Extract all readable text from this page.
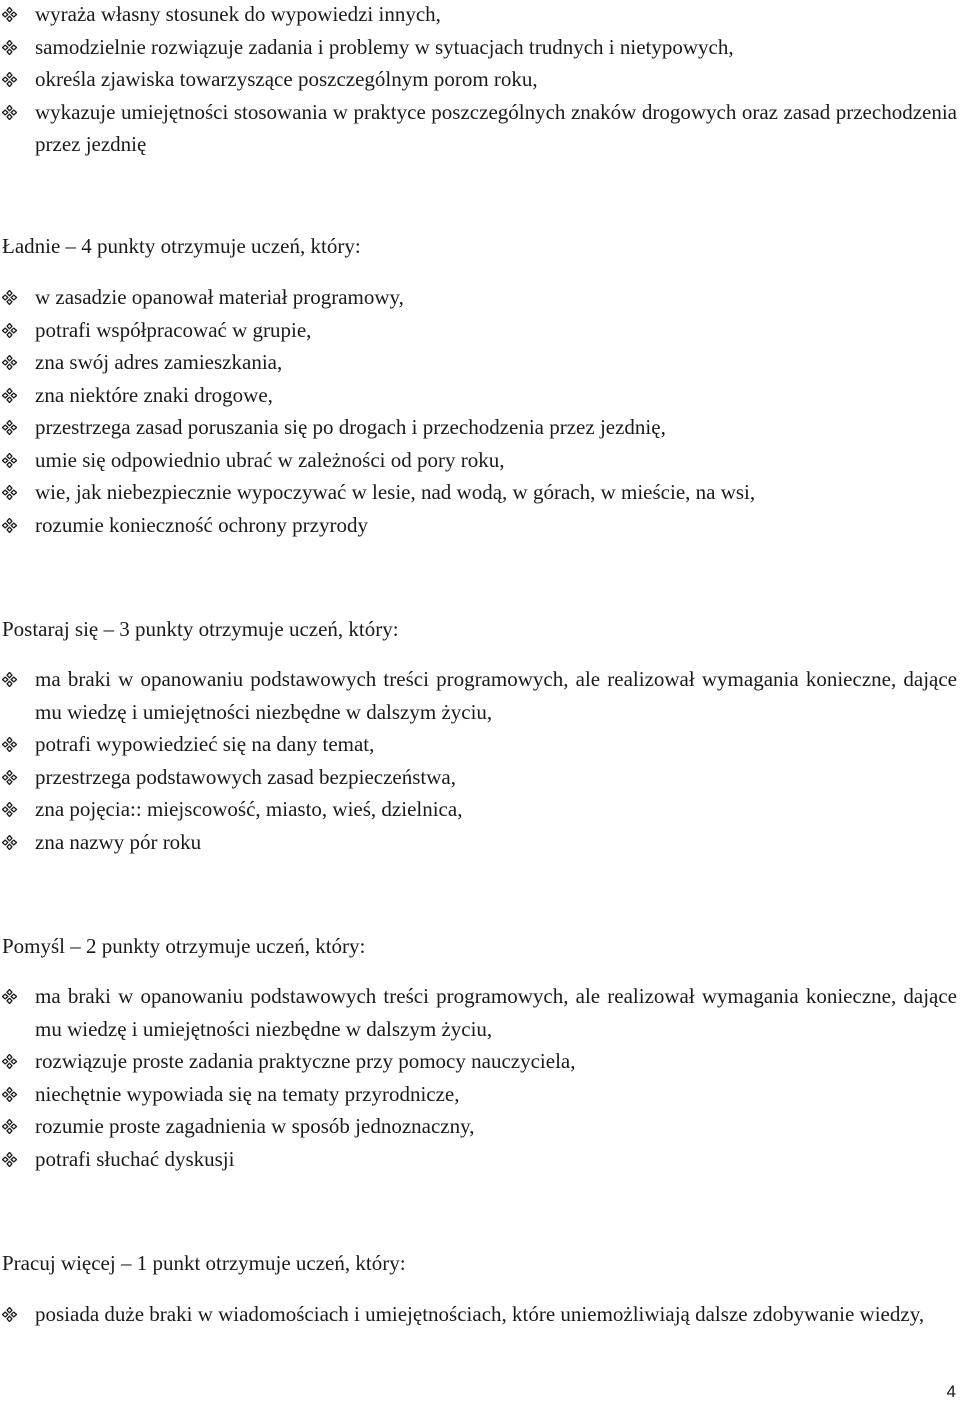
wyraża własny stosunek do wypowiedzi innych,
samodzielnie rozwiązuje zadania i problemy w sytuacjach trudnych i nietypowych,
określa zjawiska towarzyszące poszczególnym porom roku,
wykazuje umiejętności stosowania w praktyce poszczególnych znaków drogowych oraz zasad przechodzenia przez jezdnię
Ładnie – 4 punkty otrzymuje uczeń, który:
w zasadzie opanował materiał programowy,
potrafi współpracować w grupie,
zna swój adres zamieszkania,
zna niektóre znaki drogowe,
przestrzega zasad poruszania się po drogach i przechodzenia przez jezdnię,
umie się odpowiednio ubrać w zależności od pory roku,
wie, jak niebezpiecznie wypoczywać w lesie, nad wodą, w górach, w mieście, na wsi,
rozumie konieczność ochrony przyrody
Postaraj się – 3 punkty otrzymuje uczeń, który:
ma braki w opanowaniu podstawowych treści programowych, ale realizował wymagania konieczne, dające mu wiedzę i umiejętności niezbędne w dalszym życiu,
potrafi wypowiedzieć się na dany temat,
przestrzega podstawowych zasad bezpieczeństwa,
zna pojęcia:: miejscowość, miasto, wieś, dzielnica,
zna nazwy pór roku
Pomyśl – 2 punkty otrzymuje uczeń, który:
ma braki w opanowaniu podstawowych treści programowych, ale realizował wymagania konieczne, dające mu wiedzę i umiejętności niezbędne w dalszym życiu,
rozwiązuje proste zadania praktyczne przy pomocy nauczyciela,
niechętnie wypowiada się na tematy przyrodnicze,
rozumie proste zagadnienia w sposób jednoznaczny,
potrafi słuchać dyskusji
Pracuj więcej – 1 punkt otrzymuje uczeń, który:
posiada duże braki w wiadomościach i umiejętnościach, które uniemożliwiają dalsze zdobywanie wiedzy,
4
